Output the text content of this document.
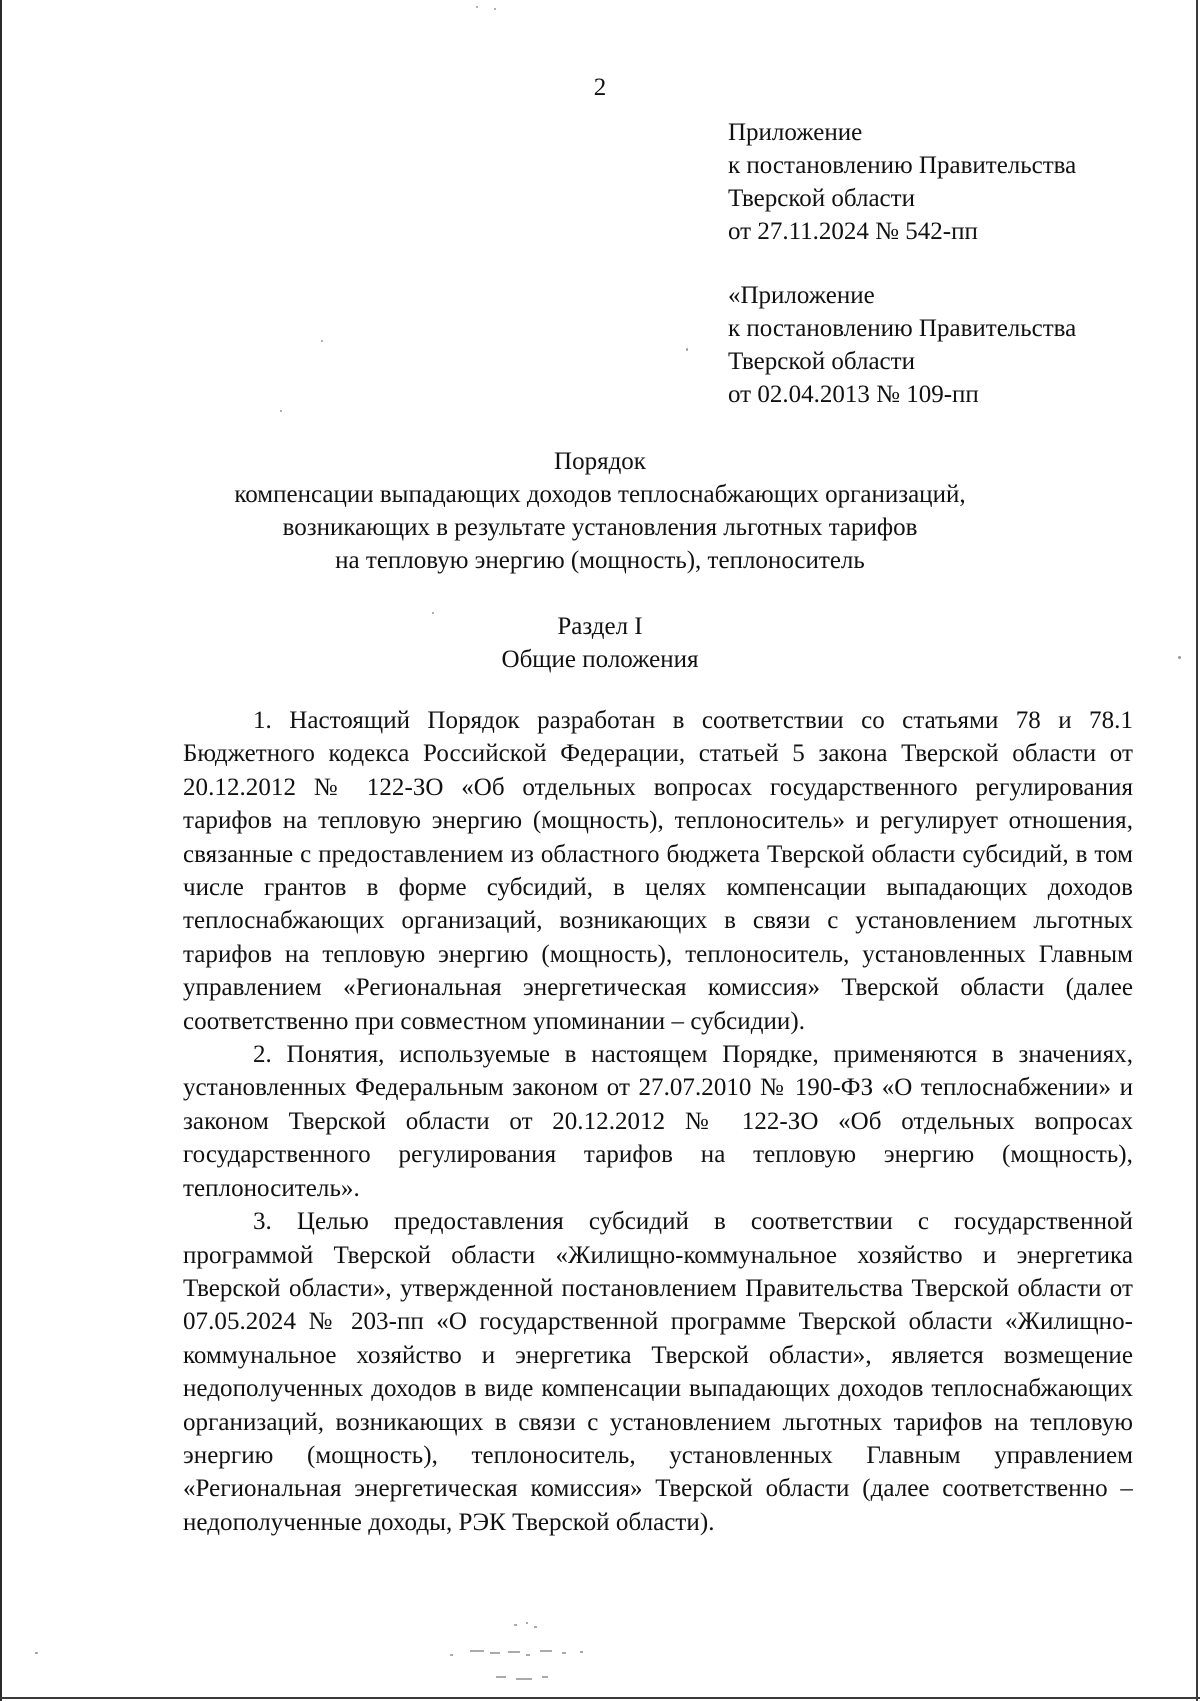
2
Приложение
к постановлению Правительства
Тверской области
от 27.11.2024 № 542-пп
«Приложение
к постановлению Правительства
Тверской области
от 02.04.2013 № 109-пп
Порядок
компенсации выпадающих доходов теплоснабжающих организаций,
возникающих в результате установления льготных тарифов
на тепловую энергию (мощность), теплоноситель
Раздел I
Общие положения

1. Настоящий Порядок разработан в соответствии со статьями 78 и 78.1 Бюджетного кодекса Российской Федерации, статьей 5 закона Тверской области от 20.12.2012 № 122-ЗО «Об отдельных вопросах государственного регулирования тарифов на тепловую энергию (мощность), теплоноситель» и регулирует отношения, связанные с предоставлением из областного бюджета Тверской области субсидий, в том числе грантов в форме субсидий, в целях компенсации выпадающих доходов теплоснабжающих организаций, возникающих в связи с установлением льготных тарифов на тепловую энергию (мощность), теплоноситель, установленных Главным управлением «Региональная энергетическая комиссия» Тверской области (далее соответственно при совместном упоминании – субсидии).

2. Понятия, используемые в настоящем Порядке, применяются в значениях, установленных Федеральным законом от 27.07.2010 № 190-ФЗ «О теплоснабжении» и законом Тверской области от 20.12.2012 № 122-ЗО «Об отдельных вопросах государственного регулирования тарифов на тепловую энергию (мощность), теплоноситель».

3. Целью предоставления субсидий в соответствии с государственной программой Тверской области «Жилищно-коммунальное хозяйство и энергетика Тверской области», утвержденной постановлением Правительства Тверской области от 07.05.2024 № 203-пп «О государственной программе Тверской области «Жилищно-коммунальное хозяйство и энергетика Тверской области», является возмещение недополученных доходов в виде компенсации выпадающих доходов теплоснабжающих организаций, возникающих в связи с установлением льготных тарифов на тепловую энергию (мощность), теплоноситель, установленных Главным управлением «Региональная энергетическая комиссия» Тверской области (далее соответственно – недополученные доходы, РЭК Тверской области).
